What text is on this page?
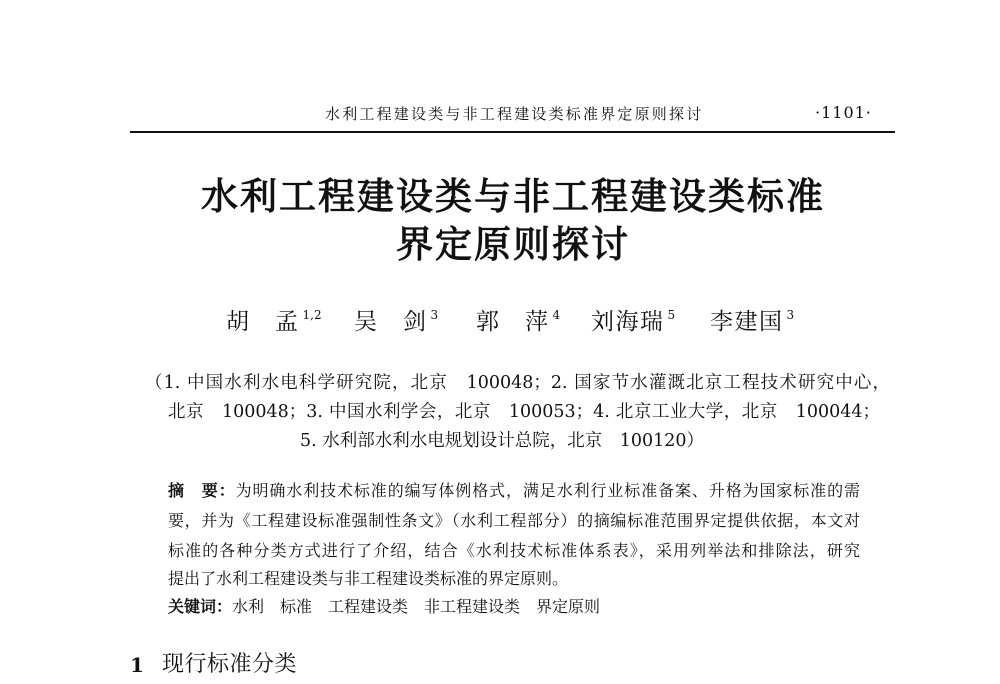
水利工程建设类与非工程建设类标准界定原则探讨	·1101·
水利工程建设类与非工程建设类标准
界定原则探讨
胡　孟 $^{1,2}$ 吴　剑 $^3$ 郭　萍 $^4$ 刘海瑞 $^5$ 李建国 $^3$
（1. 中国水利水电科学研究院，北京　100048；2. 国家节水灌溉北京工程技术研究中心，
北京　100048；3. 中国水利学会，北京　100053；4. 北京工业大学，北京　100044；
5. 水利部水利水电规划设计总院，北京　100120）
摘　要：为明确水利技术标准的编写体例格式，满足水利行业标准备案、升格为国家标准的需
要，并为《工程建设标准强制性条文》（水利工程部分）的摘编标准范围界定提供依据，本文对
标准的各种分类方式进行了介绍，结合《水利技术标准体系表》，采用列举法和排除法，研究
提出了水利工程建设类与非工程建设类标准的界定原则。
关键词：水利　标准　工程建设类　非工程建设类　界定原则
1 现行标准分类
